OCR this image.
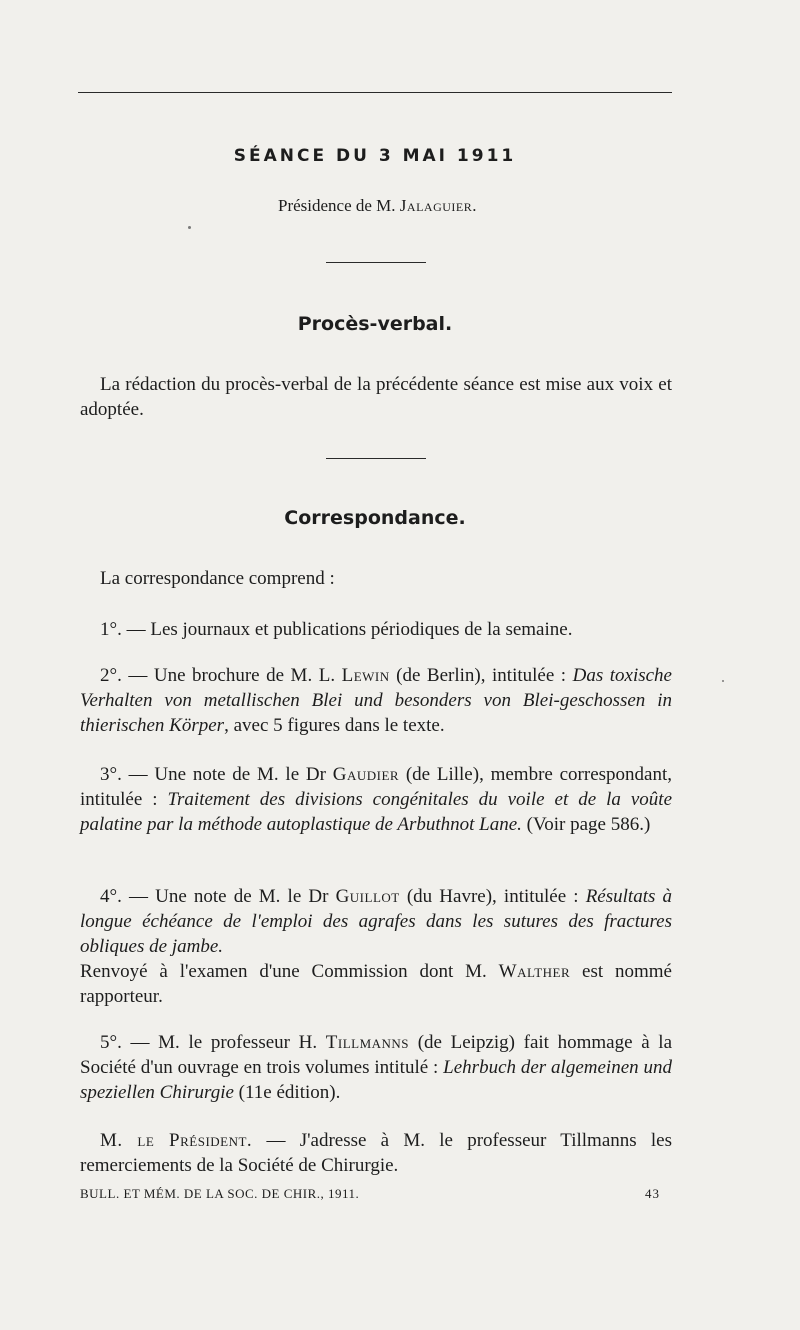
SÉANCE DU 3 MAI 1911
Présidence de M. Jalaguier.
Procès-verbal.
La rédaction du procès-verbal de la précédente séance est mise aux voix et adoptée.
Correspondance.
La correspondance comprend :
1°. — Les journaux et publications périodiques de la semaine.
2°. — Une brochure de M. L. Lewin (de Berlin), intitulée : Das toxische Verhalten von metallischen Blei und besonders von Blei-geschossen in thierischen Körper, avec 5 figures dans le texte.
3°. — Une note de M. le Dr Gaudier (de Lille), membre correspondant, intitulée : Traitement des divisions congénitales du voile et de la voûte palatine par la méthode autoplastique de Arbuthnot Lane. (Voir page 586.)
4°. — Une note de M. le Dr Guillot (du Havre), intitulée : Résultats à longue échéance de l'emploi des agrafes dans les sutures des fractures obliques de jambe.
Renvoyé à l'examen d'une Commission dont M. Walther est nommé rapporteur.
5°. — M. le professeur H. Tillmanns (de Leipzig) fait hommage à la Société d'un ouvrage en trois volumes intitulé : Lehrbuch der algemeinen und speziellen Chirurgie (11e édition).
M. le Président. — J'adresse à M. le professeur Tillmanns les remerciements de la Société de Chirurgie.
BULL. ET MÉM. DE LA SOC. DE CHIR., 1911.	43
